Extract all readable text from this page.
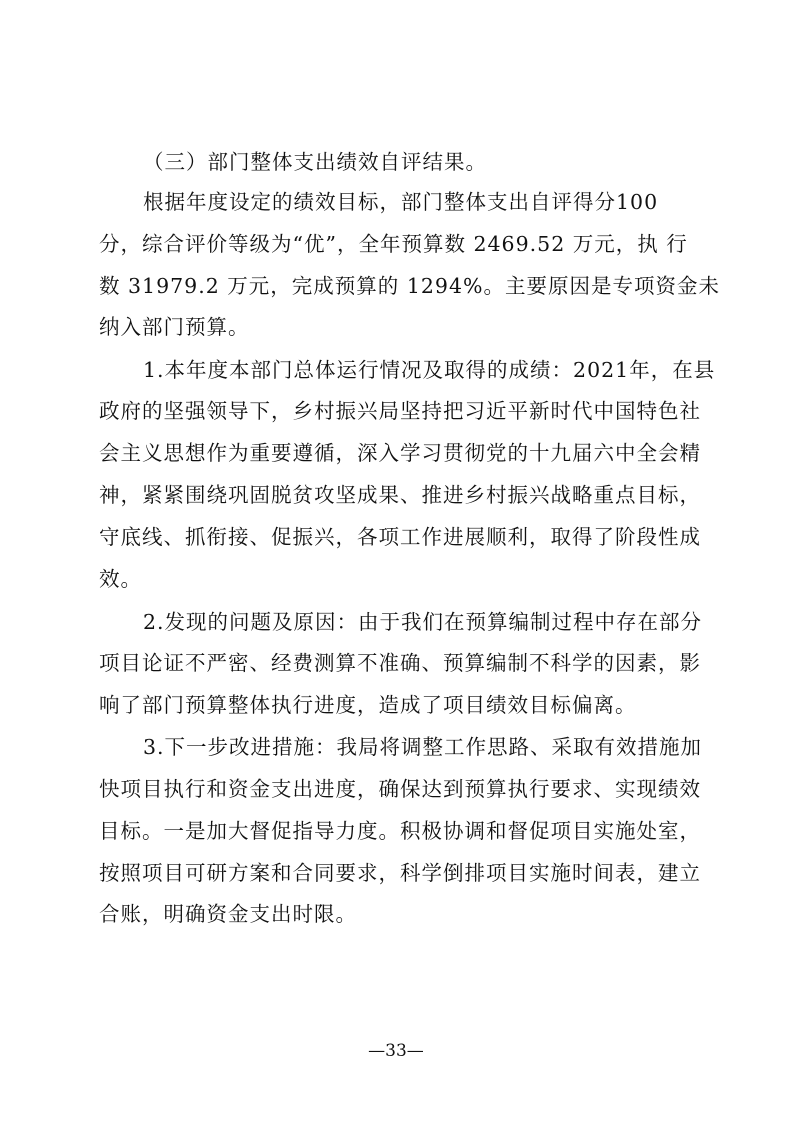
（三）部门整体支出绩效自评结果。
根据年度设定的绩效目标，部门整体支出自评得分100
分，综合评价等级为“优”，全年预算数 2469.52 万元，执 行
数 31979.2 万元，完成预算的 1294%。主要原因是专项资金未
纳入部门预算。
1.本年度本部门总体运行情况及取得的成绩：2021年，在县
政府的坚强领导下，乡村振兴局坚持把习近平新时代中国特色社
会主义思想作为重要遵循，深入学习贯彻党的十九届六中全会精
神，紧紧围绕巩固脱贫攻坚成果、推进乡村振兴战略重点目标，
守底线、抓衔接、促振兴，各项工作进展顺利，取得了阶段性成
效。
2.发现的问题及原因：由于我们在预算编制过程中存在部分
项目论证不严密、经费测算不准确、预算编制不科学的因素，影
响了部门预算整体执行进度，造成了项目绩效目标偏离。
3.下一步改进措施：我局将调整工作思路、采取有效措施加
快项目执行和资金支出进度，确保达到预算执行要求、实现绩效
目标。一是加大督促指导力度。积极协调和督促项目实施处室，
按照项目可研方案和合同要求，科学倒排项目实施时间表，建立
合账，明确资金支出时限。
—33—
